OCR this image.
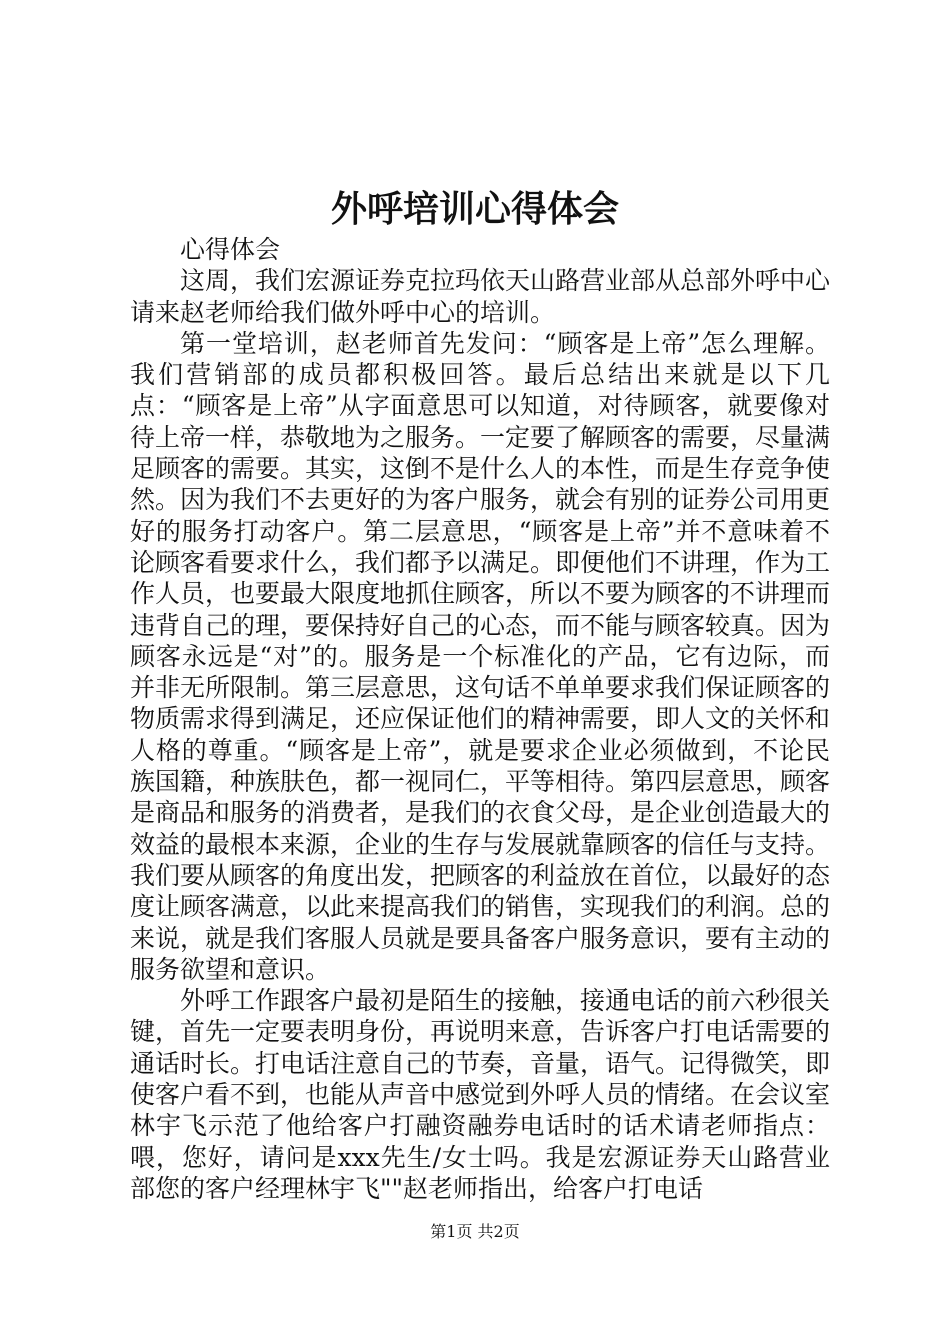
外呼培训心得体会

心得体会

这周，我们宏源证券克拉玛依天山路营业部从总部外呼中心请来赵老师给我们做外呼中心的培训。

第一堂培训，赵老师首先发问：“顾客是上帝”怎么理解。我们营销部的成员都积极回答。最后总结出来就是以下几点：“顾客是上帝”从字面意思可以知道，对待顾客，就要像对待上帝一样，恭敬地为之服务。一定要了解顾客的需要，尽量满足顾客的需要。其实，这倒不是什么人的本性，而是生存竞争使然。因为我们不去更好的为客户服务，就会有别的证券公司用更好的服务打动客户。第二层意思，“顾客是上帝”并不意味着不论顾客看要求什么，我们都予以满足。即便他们不讲理，作为工作人员，也要最大限度地抓住顾客，所以不要为顾客的不讲理而违背自己的理，要保持好自己的心态，而不能与顾客较真。因为顾客永远是“对”的。服务是一个标准化的产品，它有边际，而并非无所限制。第三层意思，这句话不单单要求我们保证顾客的物质需求得到满足，还应保证他们的精神需要，即人文的关怀和人格的尊重。“顾客是上帝”，就是要求企业必须做到，不论民族国籍，种族肤色，都一视同仁，平等相待。第四层意思，顾客是商品和服务的消费者，是我们的衣食父母，是企业创造最大的效益的最根本来源，企业的生存与发展就靠顾客的信任与支持。我们要从顾客的角度出发，把顾客的利益放在首位，以最好的态度让顾客满意，以此来提高我们的销售，实现我们的利润。总的来说，就是我们客服人员就是要具备客户服务意识，要有主动的服务欲望和意识。

外呼工作跟客户最初是陌生的接触，接通电话的前六秒很关键，首先一定要表明身份，再说明来意，告诉客户打电话需要的通话时长。打电话注意自己的节奏，音量，语气。记得微笑，即使客户看不到，也能从声音中感觉到外呼人员的情绪。在会议室林宇飞示范了他给客户打融资融券电话时的话术请老师指点：喂，您好，请问是xxx先生/女士吗。我是宏源证券天山路营业部您的客户经理林宇飞""赵老师指出，给客户打电话

第1页 共2页
